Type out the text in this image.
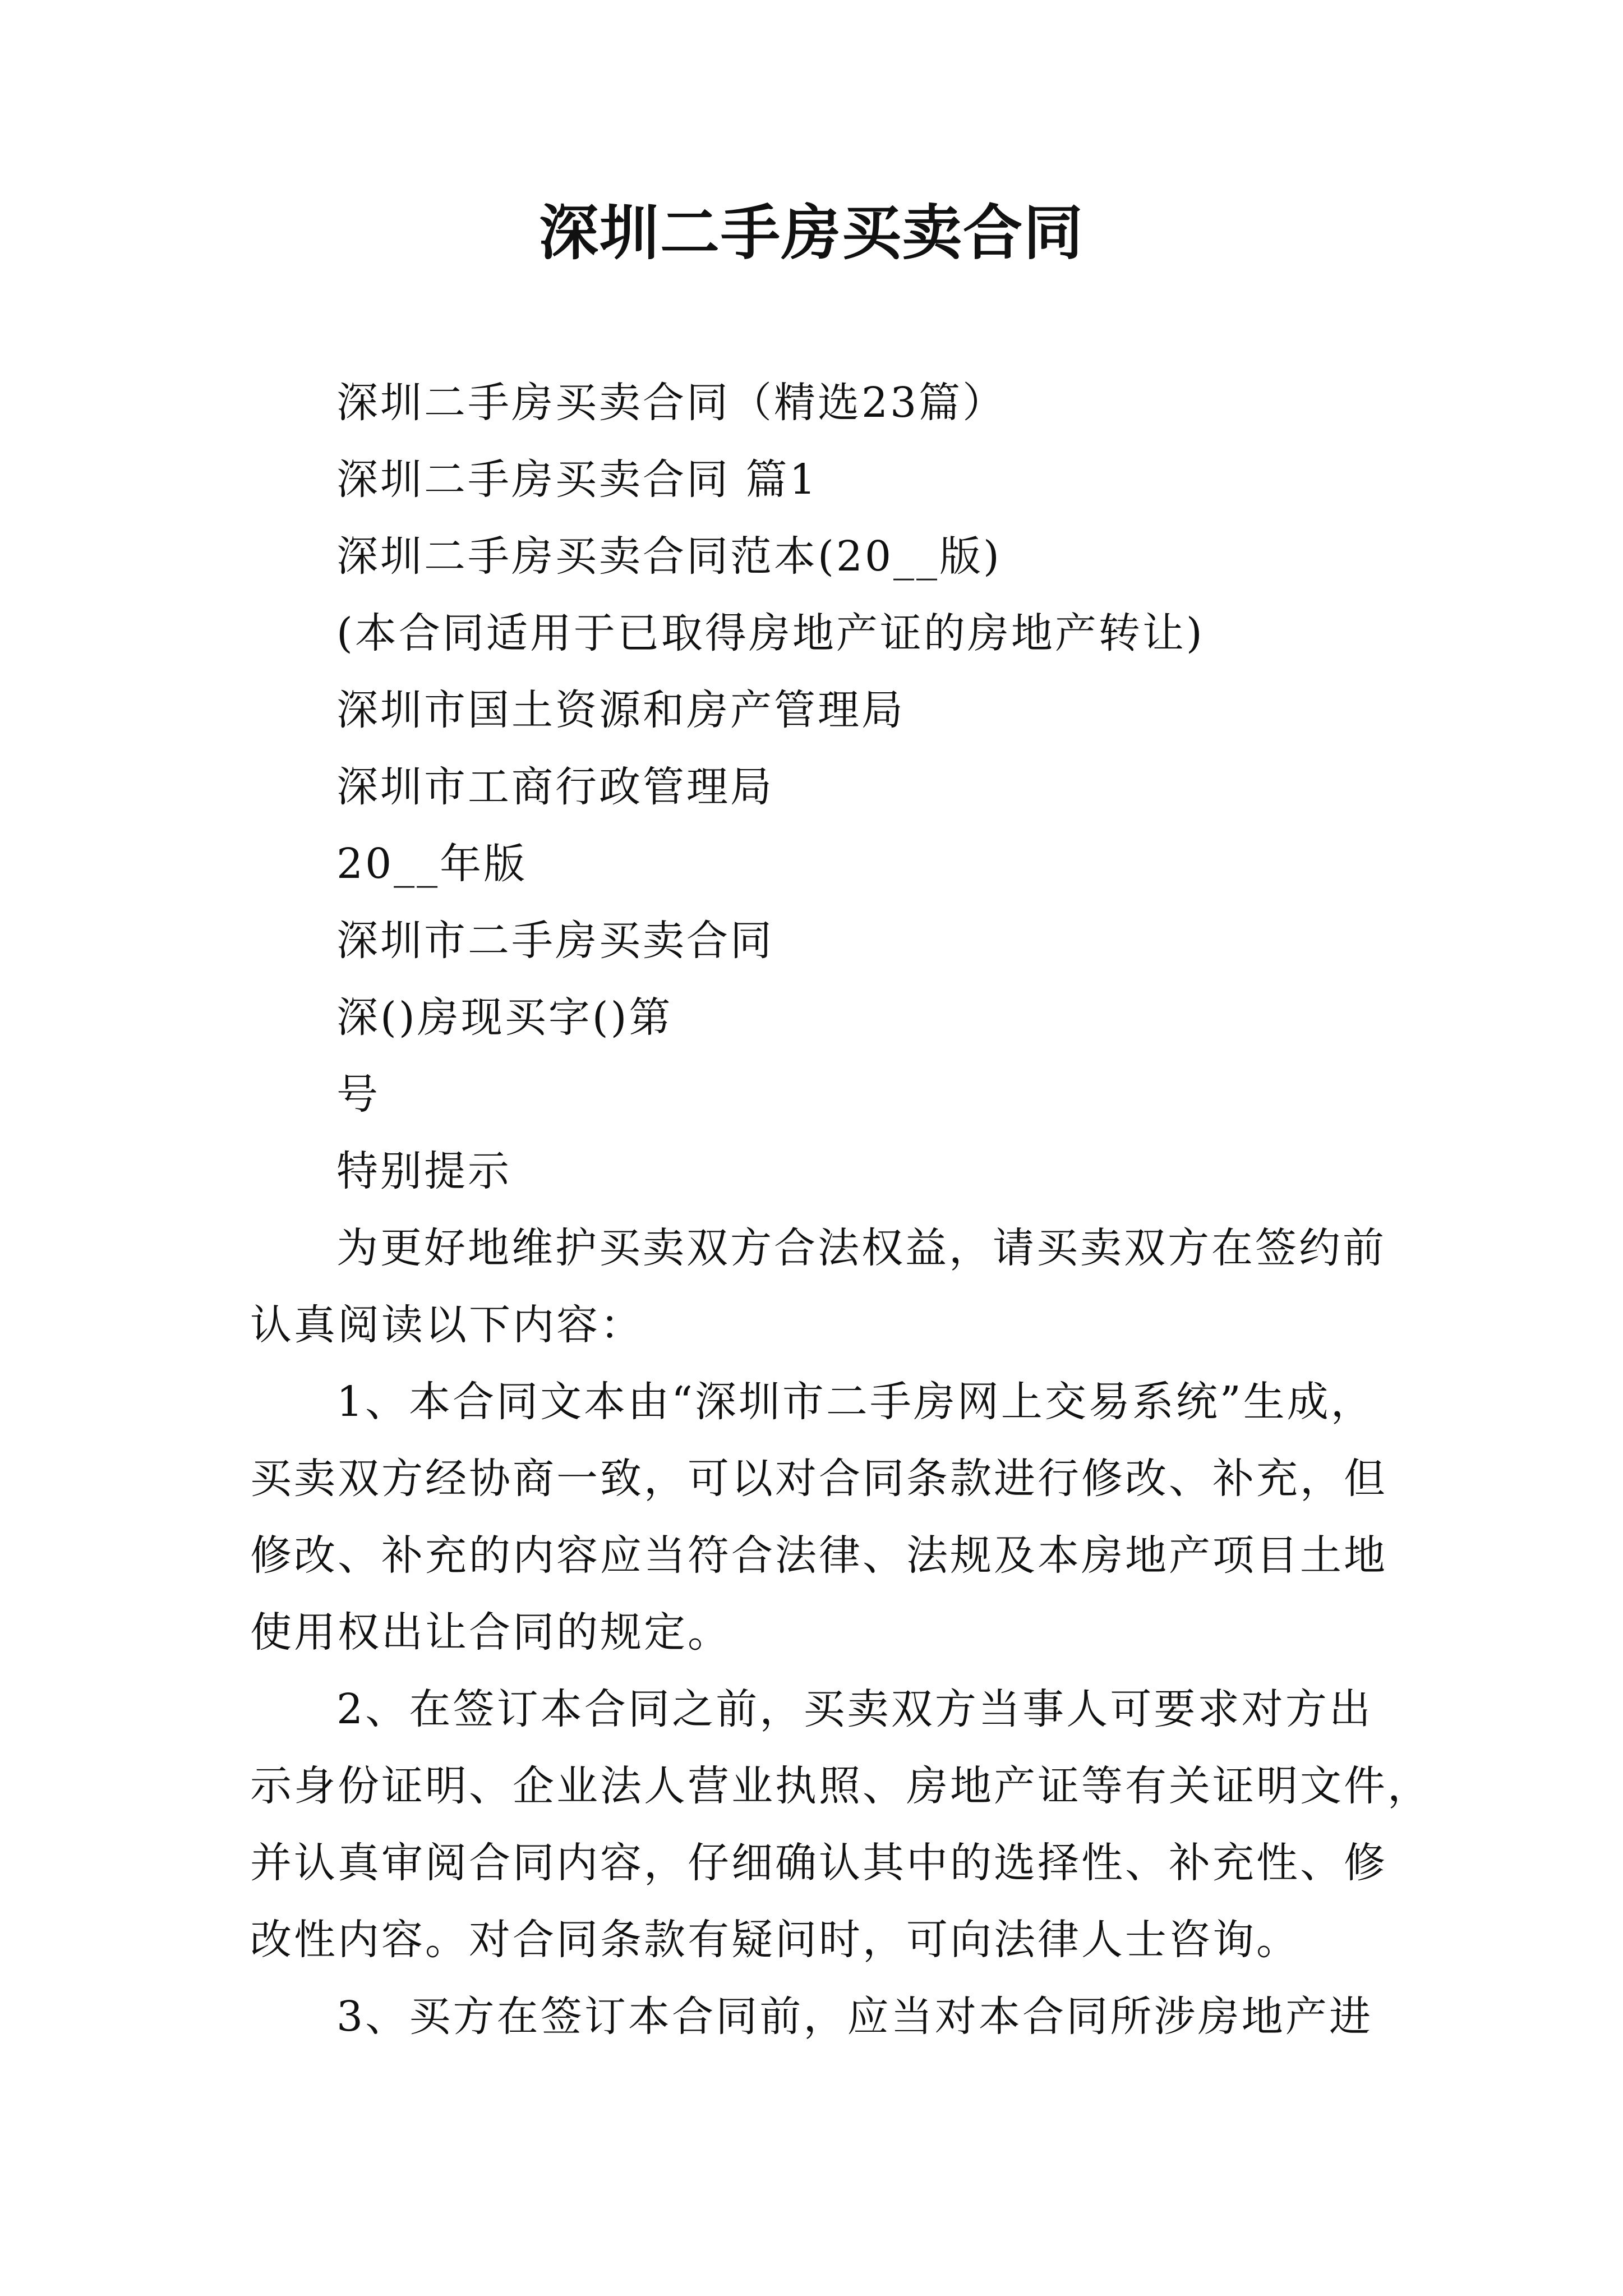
深圳二手房买卖合同

深圳二手房买卖合同（精选23篇）

深圳二手房买卖合同 篇1

深圳二手房买卖合同范本(20__版)

(本合同适用于已取得房地产证的房地产转让)

深圳市国土资源和房产管理局

深圳市工商行政管理局

20__年版

深圳市二手房买卖合同

深()房现买字()第

号

特别提示

为更好地维护买卖双方合法权益，请买卖双方在签约前

认真阅读以下内容：

1、本合同文本由“深圳市二手房网上交易系统”生成，

买卖双方经协商一致，可以对合同条款进行修改、补充，但

修改、补充的内容应当符合法律、法规及本房地产项目土地

使用权出让合同的规定。

2、在签订本合同之前，买卖双方当事人可要求对方出

示身份证明、企业法人营业执照、房地产证等有关证明文件，

并认真审阅合同内容，仔细确认其中的选择性、补充性、修

改性内容。对合同条款有疑问时，可向法律人士咨询。

3、买方在签订本合同前，应当对本合同所涉房地产进
